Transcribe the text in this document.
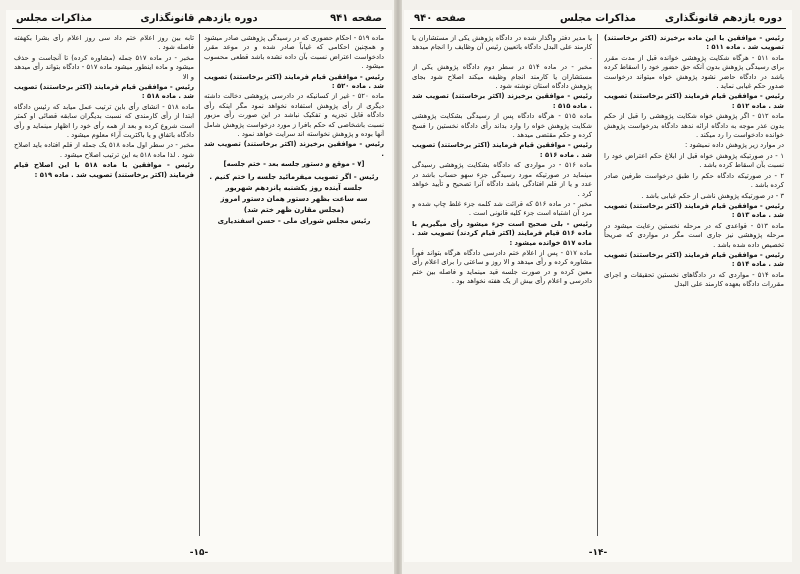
صفحه ۹۴۱
دوره یازدهم قانونگذاری
مذاکرات مجلس

ماده ۵۱۹ - احکام حضوری که در رسیدگی پژوهشی صادر میشود و همچنین احکامی که غیاباً صادر شده و در موعد مقرر دادخواست اعتراض نسبت بآن داده نشده باشد قطعی محسوب میشود .

رئیس - موافقین قیام فرمایند (اکثر برخاستند) تصویب شد . ماده ۵۲۰ :

ماده ۵۲۰ - غیر از کسانیکه در دادرسی پژوهشی دخالت داشته دیگری از رأی پژوهش استفاده نخواهد نمود مگر اینکه رأی دادگاه قابل تجزیه و تفکیک نباشد در این صورت رأی مزبور نسبت باشخاصی که حکم بافرا ز مورد درخواست پژوهش شامل آنها بوده و پژوهش نخواسته اند سرایت خواهد نمود .

رئیس - موافقین برخیزند (اکثر برخاستند) تصویب شد .

[۷ - موقع و دستور جلسه بعد - ختم جلسه]

رئیس - اگر تصویب میفرمائید جلسه را ختم کنیم .

جلسه آینده روز یکشنبه پانزدهم شهریور

سه ساعت بظهر دستور همان دستور امروز

(مجلس مقارن ظهر ختم شد)

رئیس مجلس شورای ملی - حسن اسفندیاری

ثابه بین روز اعلام ختم داد سی روز اعلام رأی بشرا بکهفته فاصله شود .

مخبر - در ماده ۵۱۷ جمله (مشاوره کرده) تا آنجاست و حذف میشود و ماده اینطور میشود ماده ۵۱۷ - دادگاه بتواند رأی میدهد و الا

رئیس - موافقین قیام فرمایند (اکثر برخاستند) تصویب شد . ماده ۵۱۸ :

ماده ۵۱۸ - انشای رأی باین ترتیب عمل میابد که رئیس دادگاه ابتدا از رأی کارمندی که نسبت بدیگران سابقه قضائی او کمتر است شروع کرده و بعد از همه رأی خود را اظهار مینماید و رأی دادگاه باتفاق و یا باکثریت آراء معلوم میشود .

مخبر - در سطر اول ماده ۵۱۸ یک جمله از قلم افتاده باید اصلاح شود . لذا ماده ۵۱۸ به این ترتیب اصلاح میشود .

رئیس - موافقین با ماده ۵۱۸ با این اصلاح قیام فرمایند (اکثر برخاستند) تصویب شد . ماده ۵۱۹ :

-۱۵-
دوره یازدهم قانونگذاری
مذاکرات مجلس
صفحه ۹۴۰

رئیس - موافقین با این ماده برخیزند (اکثر برخاستند) تصویب شد . ماده ۵۱۱ :

ماده ۵۱۱ - هرگاه شکایت پژوهشی خوانده قبل از مدت مقرر برای رسیدگی پژوهش بدون آنکه حق حضور خود را اسقاط کرده باشد در دادگاه حاضر نشود پژوهش خواه میتواند درخواست صدور حکم غیابی نماید .

رئیس - موافقین قیام فرمایند (اکثر برخاستند) تصویب شد . ماده ۵۱۲ :

ماده ۵۱۲ - اگر پژوهش خواه شکایت پژوهشی را قبل از حکم بدون عذر موجه به دادگاه ارائه ندهد دادگاه بدرخواست پژوهش خوانده دادخواست را رد میکند .

در موارد زیر پژوهش داده نمیشود :

۱ - در صورتیکه پژوهش خواه قبل از ابلاغ حکم اعتراض خود را نسبت بآن اسقاط کرده باشد .

۲ - در صورتیکه دادگاه حکم را طبق درخواست طرفین صادر کرده باشد .

۳ - در صورتیکه پژوهش ناشی از حکم غیابی باشد .

رئیس - موافقین قیام فرمایند (اکثر برخاستند) تصویب شد . ماده ۵۱۳ :

ماده ۵۱۳ - قواعدی که در مرحله نخستین رعایت میشود در مرحله پژوهشی نیز جاری است مگر در مواردی که صریحاً تخصیص داده شده باشد .

رئیس - موافقین قیام فرمایند (اکثر برخاستند) تصویب شد . ماده ۵۱۴ :

ماده ۵۱۴ - مواردی که در دادگاهای نخستین تحقیقات و اجرای مقررات دادگاه بعهده کارمند علی البدل

یا مدیر دفتر واگذار شده در دادگاه پژوهش یکی از مستشاران یا کارمند علی البدل دادگاه باتعیین رئیس آن وظایف را انجام میدهد .

مخبر - در ماده ۵۱۴ در سطر دوم دادگاه پژوهش یکی از مستشاران یا کارمند انجام وظیفه میکند اصلاح شود بجای پژوهش دادگاه استان نوشته شود .

رئیس - موافقین برخیزند (اکثر برخاستند) تصویب شد . ماده ۵۱۵ :

ماده ۵۱۵ - هرگاه دادگاه پس از رسیدگی بشکایت پژوهشی شکایت پژوهش خواه را وارد بداند رأی دادگاه نخستین را فسخ کرده و حکم مقتضی میدهد .

رئیس - موافقین قیام فرمایند (اکثر برخاستند) تصویب شد . ماده ۵۱۶ :

ماده ۵۱۶ - در مواردی که دادگاه بشکایت پژوهشی رسیدگی مینماید در صورتیکه مورد رسیدگی جزء سهو حساب باشد در عدد و یا از قلم افتادگی باشد دادگاه آنرا تصحیح و تأیید خواهد کرد .

مخبر - در ماده ۵۱۶ که قرائت شد کلمه جزء غلط چاپ شده و مرد آن اشتباه است جزء کلیه قانونی است .

رئیس - بلی صحیح است جزء میشود رأی میگیریم با ماده ۵۱۶ قیام فرمایند (اکثر قیام کردند) تصویب شد . ماده ۵۱۷ خوانده میشود :

ماده ۵۱۷ - پس از اعلام ختم دادرسی دادگاه هرگاه بتواند فوراً مشاوره کرده و رأی میدهد و الا روز و ساعتی را برای اعلام رأی معین کرده و در صورت جلسه قید مینماید و فاصله بین ختم دادرسی و اعلام رأی بیش از یک هفته نخواهد بود .

-۱۴-
